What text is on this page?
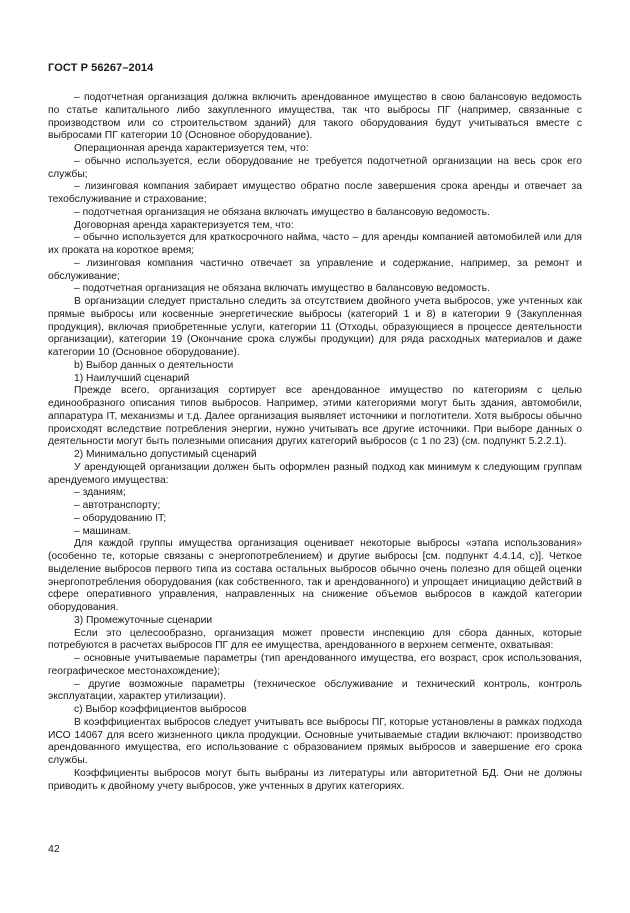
ГОСТ Р 56267–2014

– подотчетная организация должна включить арендованное имущество в свою балансовую ведомость по статье капитального либо закупленного имущества, так что выбросы ПГ (например, связанные с производством или со строительством зданий) для такого оборудования будут учитываться вместе с выбросами ПГ категории 10 (Основное оборудование).

Операционная аренда характеризуется тем, что:

– обычно используется, если оборудование не требуется подотчетной организации на весь срок его службы;

– лизинговая компания забирает имущество обратно после завершения срока аренды и отвечает за техобслуживание и страхование;

– подотчетная организация не обязана включать имущество в балансовую ведомость.

Договорная аренда характеризуется тем, что:

– обычно используется для краткосрочного найма, часто – для аренды компанией автомобилей или для их проката на короткое время;

– лизинговая компания частично отвечает за управление и содержание, например, за ремонт и обслуживание;

– подотчетная организация не обязана включать имущество в балансовую ведомость.

В организации следует пристально следить за отсутствием двойного учета выбросов, уже учтенных как прямые выбросы или косвенные энергетические выбросы (категорий 1 и 8) в категории 9 (Закупленная продукция), включая приобретенные услуги, категории 11 (Отходы, образующиеся в процессе деятельности организации), категории 19 (Окончание срока службы продукции) для ряда расходных материалов и даже категории 10 (Основное оборудование).

b) Выбор данных о деятельности

1) Наилучший сценарий

Прежде всего, организация сортирует все арендованное имущество по категориям с целью единообразного описания типов выбросов. Например, этими категориями могут быть здания, автомобили, аппаратура IT, механизмы и т.д. Далее организация выявляет источники и поглотители. Хотя выбросы обычно происходят вследствие потребления энергии, нужно учитывать все другие источники. При выборе данных о деятельности могут быть полезными описания других категорий выбросов (с 1 по 23) (см. подпункт 5.2.2.1).

2) Минимально допустимый сценарий

У арендующей организации должен быть оформлен разный подход как минимум к следующим группам арендуемого имущества:

– зданиям;

– автотранспорту;

– оборудованию IT;

– машинам.

Для каждой группы имущества организация оценивает некоторые выбросы «этапа использования» (особенно те, которые связаны с энергопотреблением) и другие выбросы [см. подпункт 4.4.14, с)]. Четкое выделение выбросов первого типа из состава остальных выбросов обычно очень полезно для общей оценки энергопотребления оборудования (как собственного, так и арендованного) и упрощает инициацию действий в сфере оперативного управления, направленных на снижение объемов выбросов в каждой категории оборудования.

3) Промежуточные сценарии

Если это целесообразно, организация может провести инспекцию для сбора данных, которые потребуются в расчетах выбросов ПГ для ее имущества, арендованного в верхнем сегменте, охватывая:

– основные учитываемые параметры (тип арендованного имущества, его возраст, срок использования, географическое местонахождение);

– другие возможные параметры (техническое обслуживание и технический контроль, контроль эксплуатации, характер утилизации).

c) Выбор коэффициентов выбросов

В коэффициентах выбросов следует учитывать все выбросы ПГ, которые установлены в рамках подхода ИСО 14067 для всего жизненного цикла продукции. Основные учитываемые стадии включают: производство арендованного имущества, его использование с образованием прямых выбросов и завершение его срока службы.

Коэффициенты выбросов могут быть выбраны из литературы или авторитетной БД. Они не должны приводить к двойному учету выбросов, уже учтенных в других категориях.

42
